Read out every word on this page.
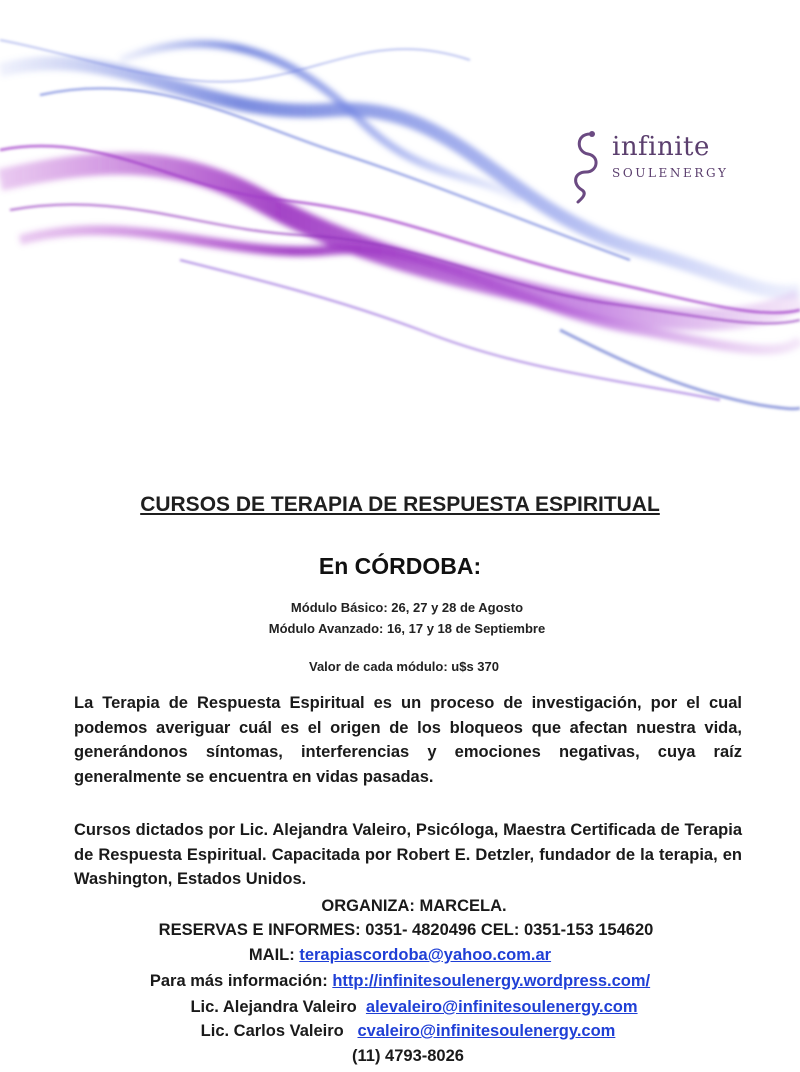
infinite
SOULENERGY
CURSOS DE TERAPIA DE RESPUESTA ESPIRITUAL
En CÓRDOBA:
Módulo Básico: 26, 27 y 28 de Agosto
Módulo Avanzado: 16, 17 y 18 de Septiembre
Valor de cada módulo: u$s 370
La Terapia de Respuesta Espiritual es un proceso de investigación, por el cual podemos averiguar cuál es el origen de los bloqueos que afectan nuestra vida, generándonos síntomas, interferencias y emociones negativas, cuya raíz generalmente se encuentra en vidas pasadas.
Cursos dictados por Lic. Alejandra Valeiro, Psicóloga, Maestra Certificada de Terapia de Respuesta Espiritual. Capacitada por Robert E. Detzler, fundador de la terapia, en Washington, Estados Unidos.
ORGANIZA: MARCELA.
RESERVAS E INFORMES: 0351- 4820496 CEL: 0351-153 154620
MAIL: terapiascordoba@yahoo.com.ar
Para más información: http://infinitesoulenergy.wordpress.com/
Lic. Alejandra Valeiro  alevaleiro@infinitesoulenergy.com
Lic. Carlos Valeiro   cvaleiro@infinitesoulenergy.com
(11) 4793-8026
